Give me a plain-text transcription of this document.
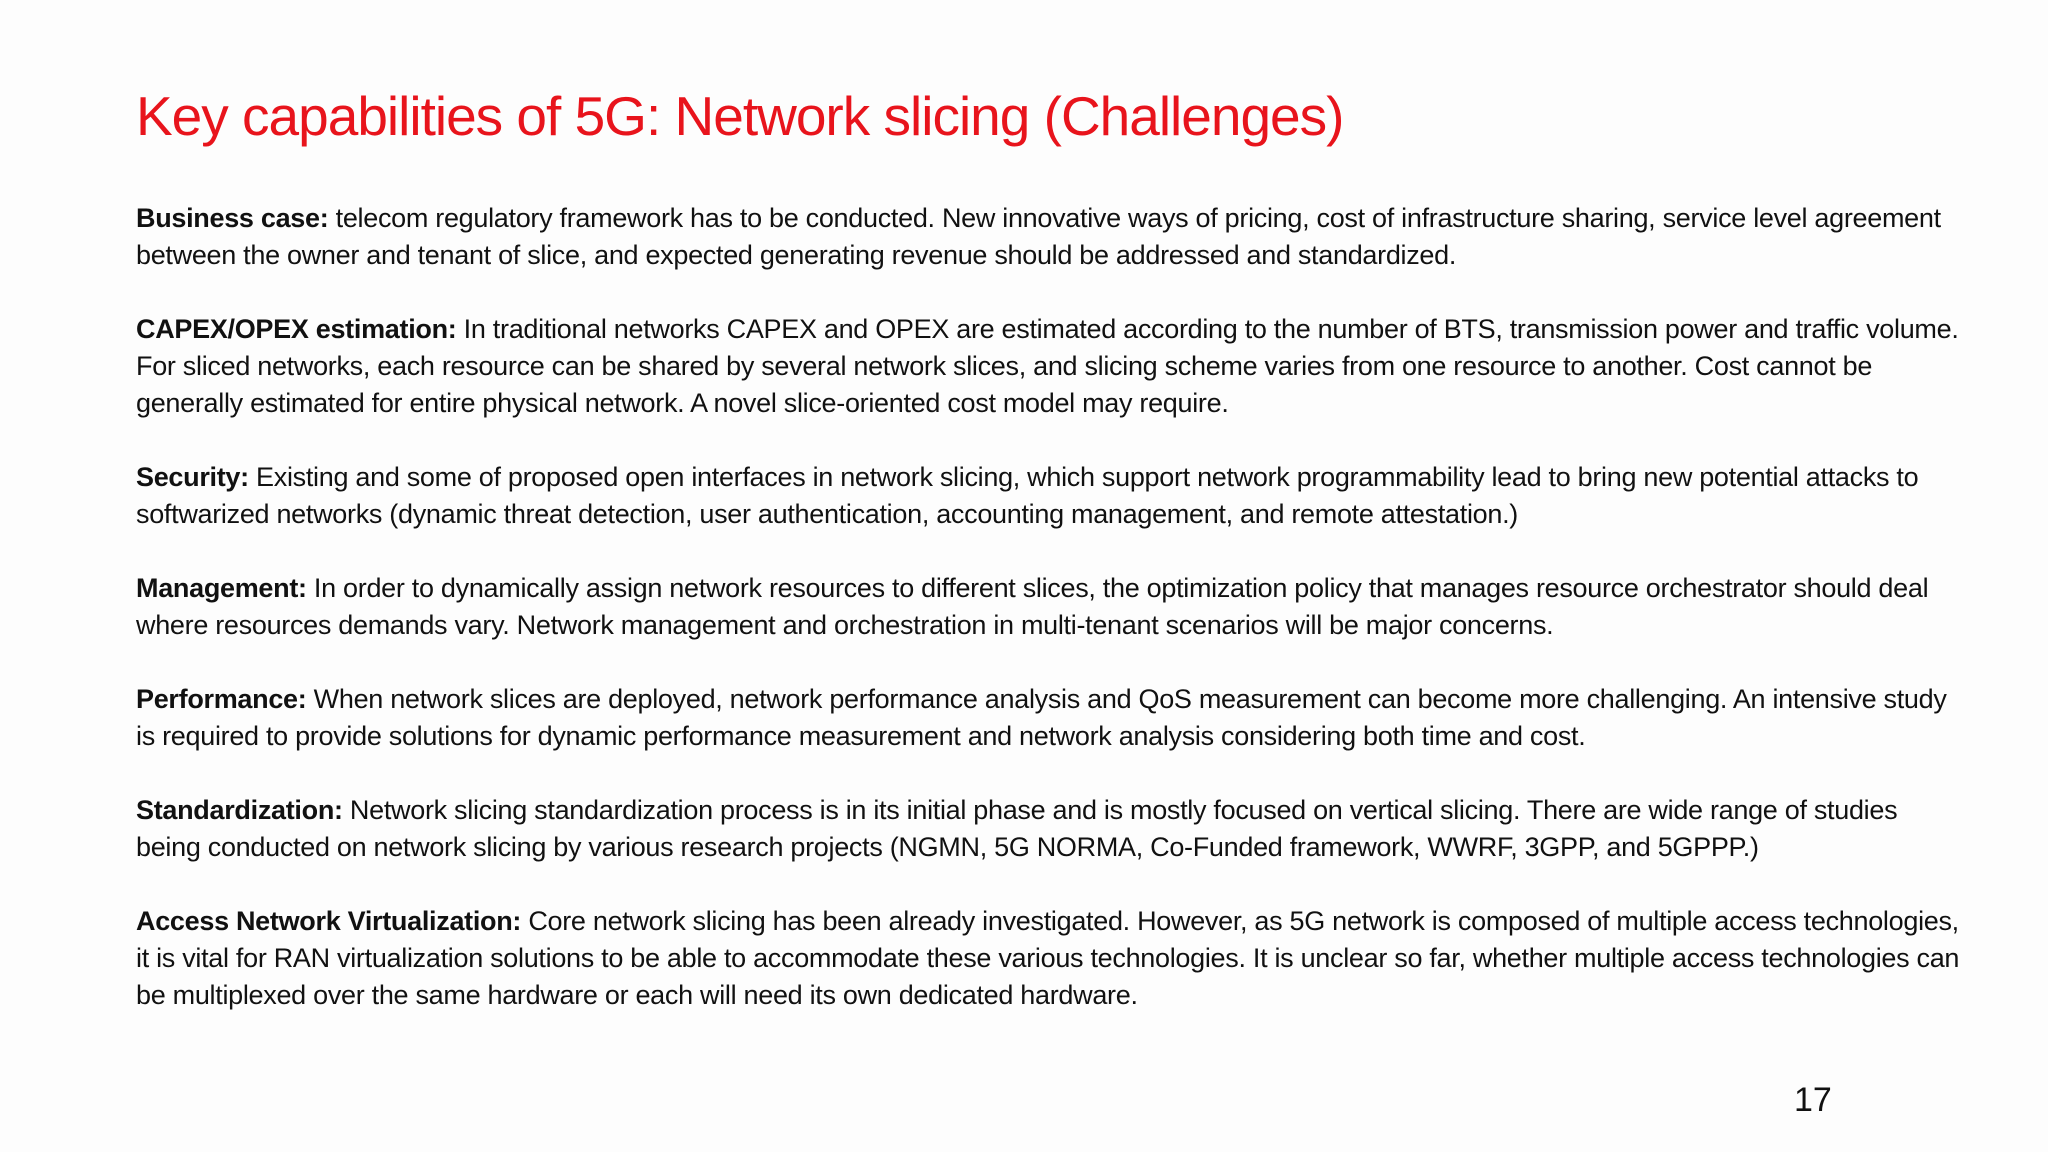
Key capabilities of 5G: Network slicing (Challenges)

Business case: telecom regulatory framework has to be conducted. New innovative ways of pricing, cost of infrastructure sharing, service level agreement between the owner and tenant of slice, and expected generating revenue should be addressed and standardized.

CAPEX/OPEX estimation: In traditional networks CAPEX and OPEX are estimated according to the number of BTS, transmission power and traffic volume. For sliced networks, each resource can be shared by several network slices, and slicing scheme varies from one resource to another. Cost cannot be generally estimated for entire physical network. A novel slice-oriented cost model may require.

Security: Existing and some of proposed open interfaces in network slicing, which support network programmability lead to bring new potential attacks to softwarized networks (dynamic threat detection, user authentication, accounting management, and remote attestation.)

Management: In order to dynamically assign network resources to different slices, the optimization policy that manages resource orchestrator should deal where resources demands vary. Network management and orchestration in multi-tenant scenarios will be major concerns.

Performance: When network slices are deployed, network performance analysis and QoS measurement can become more challenging. An intensive study is required to provide solutions for dynamic performance measurement and network analysis considering both time and cost.

Standardization: Network slicing standardization process is in its initial phase and is mostly focused on vertical slicing. There are wide range of studies being conducted on network slicing by various research projects (NGMN, 5G NORMA, Co-Funded framework, WWRF, 3GPP, and 5GPPP.)

Access Network Virtualization: Core network slicing has been already investigated. However, as 5G network is composed of multiple access technologies, it is vital for RAN virtualization solutions to be able to accommodate these various technologies. It is unclear so far, whether multiple access technologies can be multiplexed over the same hardware or each will need its own dedicated hardware.

17
